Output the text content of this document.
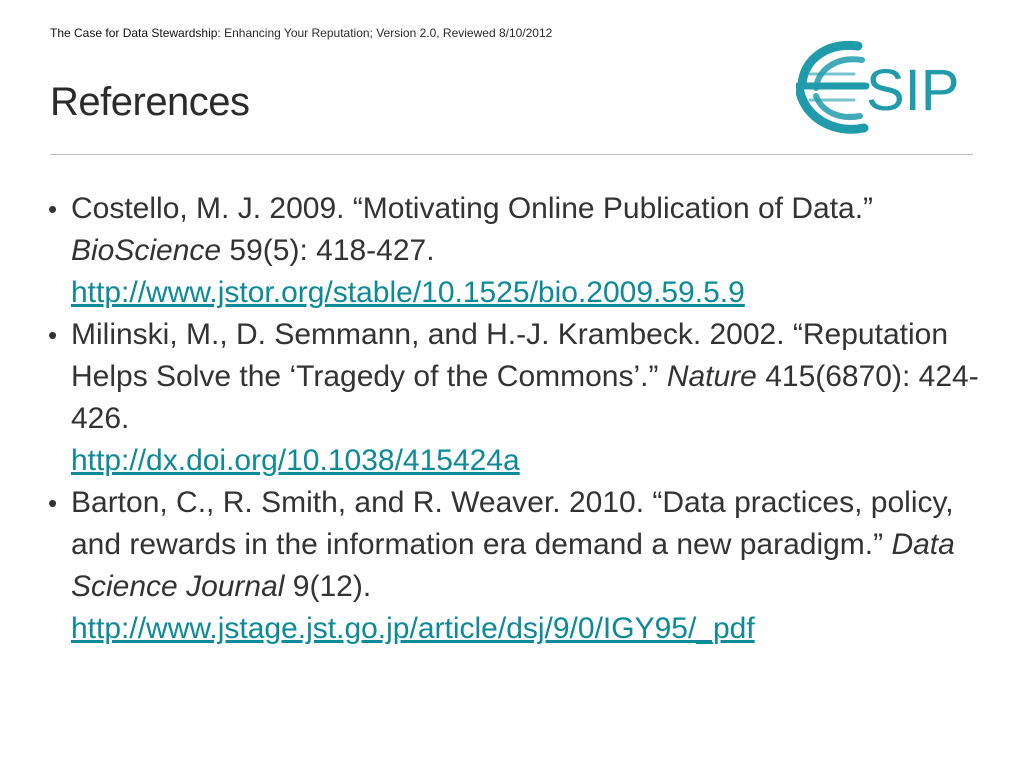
The Case for Data Stewardship: Enhancing Your Reputation; Version 2.0, Reviewed 8/10/2012
SIP
References
• Costello, M. J. 2009. “Motivating Online Publication of Data.” BioScience 59(5): 418-427.
http://www.jstor.org/stable/10.1525/bio.2009.59.5.9
• Milinski, M., D. Semmann, and H.-J. Krambeck. 2002. “Reputation Helps Solve the ‘Tragedy of the Commons’.” Nature 415(6870): 424-426.
http://dx.doi.org/10.1038/415424a
• Barton, C., R. Smith, and R. Weaver. 2010. “Data practices, policy, and rewards in the information era demand a new paradigm.” Data Science Journal 9(12).
http://www.jstage.jst.go.jp/article/dsj/9/0/IGY95/_pdf
